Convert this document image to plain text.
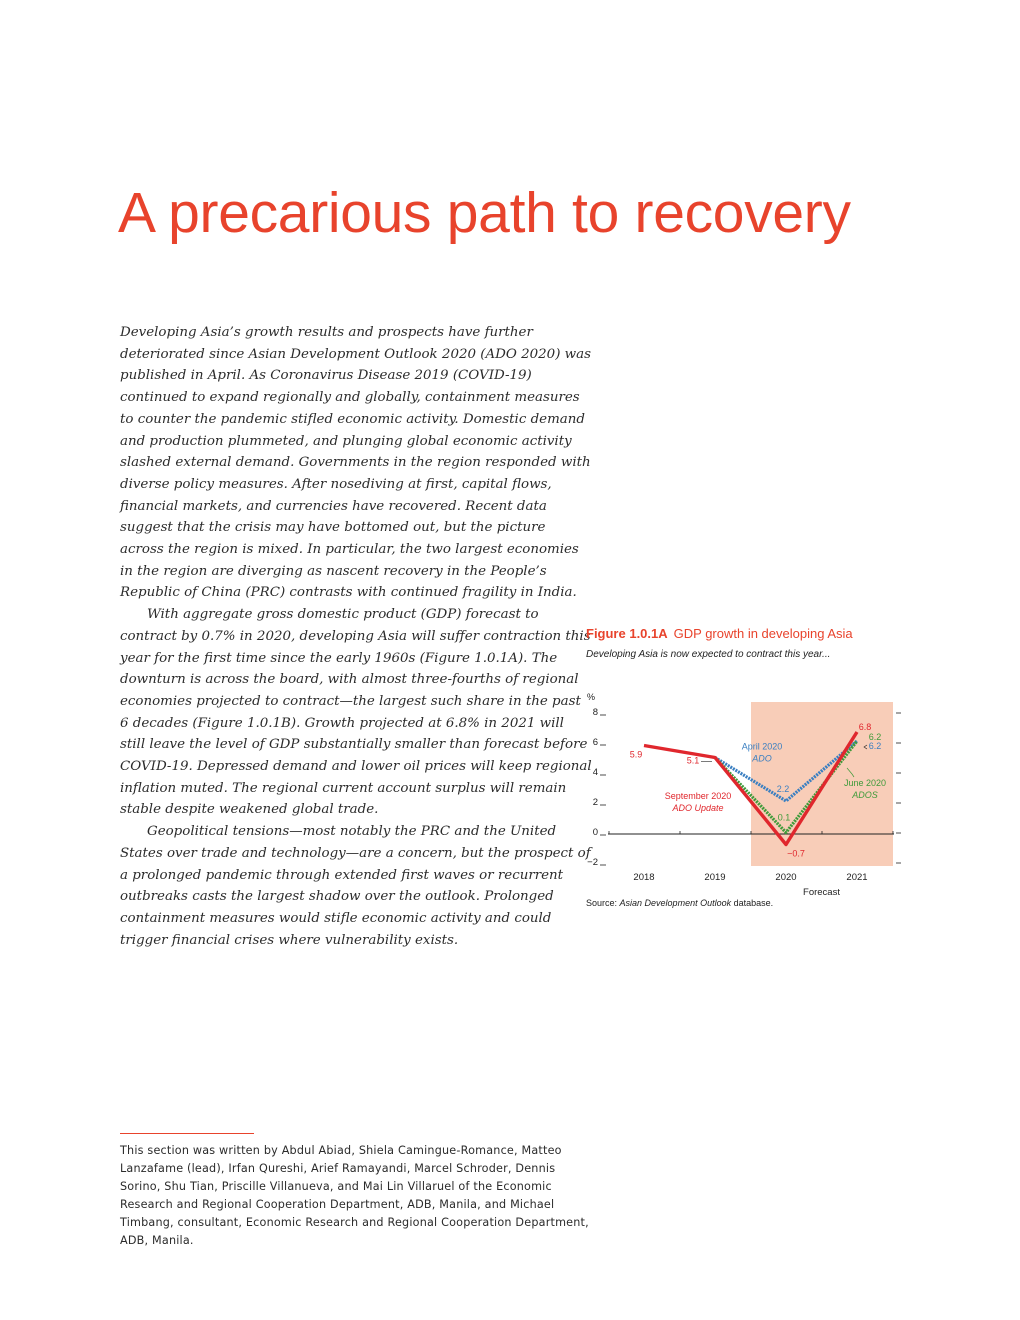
A precarious path to recovery

Developing Asia’s growth results and prospects have further deteriorated since Asian Development Outlook 2020 (ADO 2020) was published in April. As Coronavirus Disease 2019 (COVID-19) continued to expand regionally and globally, containment measures to counter the pandemic stifled economic activity. Domestic demand and production plummeted, and plunging global economic activity slashed external demand. Governments in the region responded with diverse policy measures. After nosediving at first, capital flows, financial markets, and currencies have recovered. Recent data suggest that the crisis may have bottomed out, but the picture across the region is mixed. In particular, the two largest economies in the region are diverging as nascent recovery in the People’s Republic of China (PRC) contrasts with continued fragility in India.

With aggregate gross domestic product (GDP) forecast to contract by 0.7% in 2020, developing Asia will suffer contraction this year for the first time since the early 1960s (Figure 1.0.1A). The downturn is across the board, with almost three-fourths of regional economies projected to contract—the largest such share in the past 6 decades (Figure 1.0.1B). Growth projected at 6.8% in 2021 will still leave the level of GDP substantially smaller than forecast before COVID-19. Depressed demand and lower oil prices will keep regional inflation muted. The regional current account surplus will remain stable despite weakened global trade.

Geopolitical tensions—most notably the PRC and the United States over trade and technology—are a concern, but the prospect of a prolonged pandemic through extended first waves or recurrent outbreaks casts the largest shadow over the outlook. Prolonged containment measures would stifle economic activity and could trigger financial crises where vulnerability exists.

Figure 1.0.1A GDP growth in developing Asia
Developing Asia is now expected to contract this year...
%
−2
0
2
4
6
8
2018	2019	2020	2021
Forecast
5.9
5.1
−0.7
6.8
2.2
6.2
0.1
6.2
April 2020
ADO
September 2020
ADO Update
June 2020
ADOS
Source: Asian Development Outlook database.
This section was written by Abdul Abiad, Shiela Camingue-Romance, Matteo Lanzafame (lead), Irfan Qureshi, Arief Ramayandi, Marcel Schroder, Dennis Sorino, Shu Tian, Priscille Villanueva, and Mai Lin Villaruel of the Economic Research and Regional Cooperation Department, ADB, Manila, and Michael Timbang, consultant, Economic Research and Regional Cooperation Department, ADB, Manila.
